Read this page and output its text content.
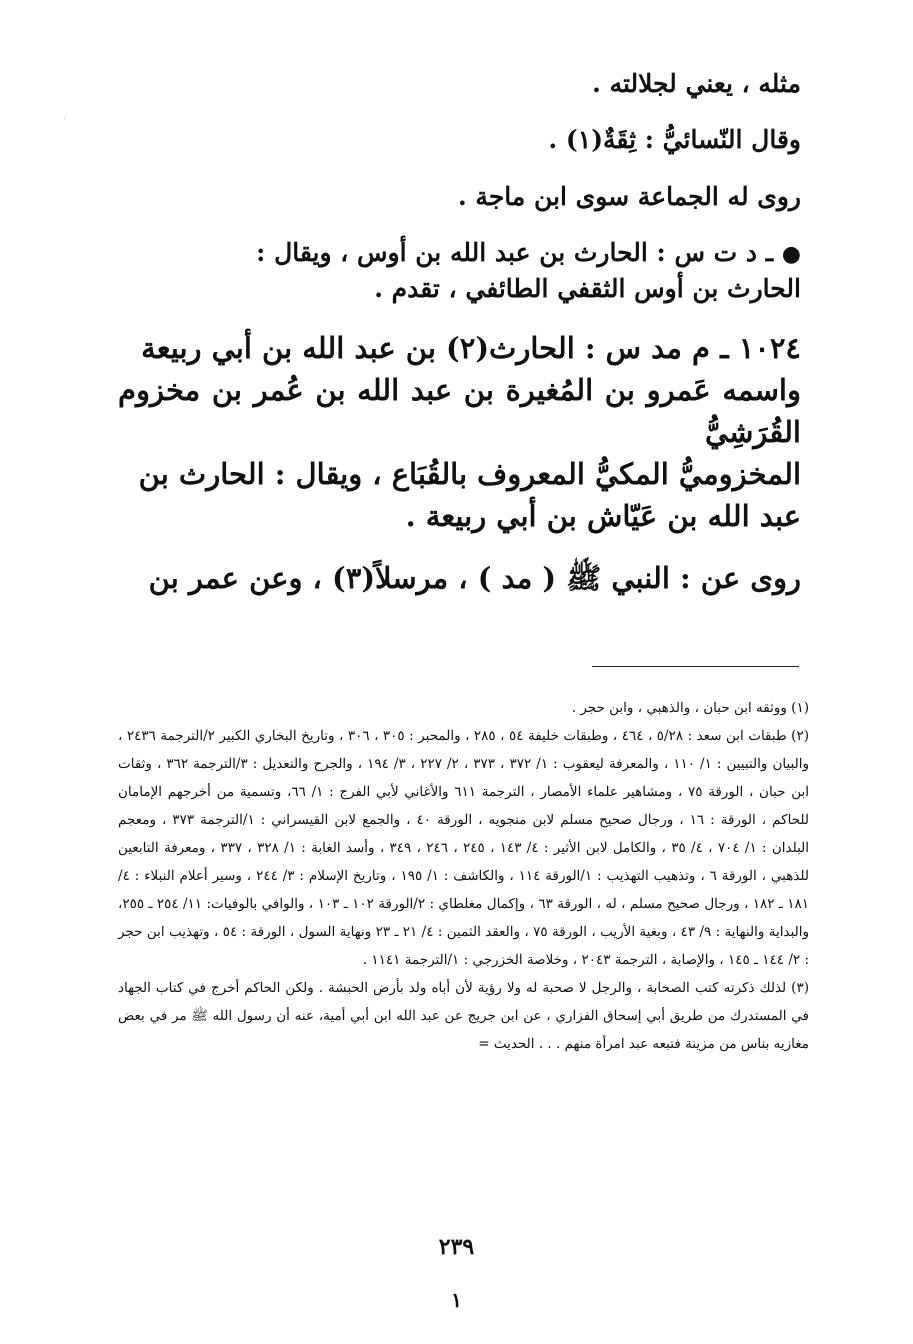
مثله ، يعني لجلالته .

وقال النّسائيُّ : ثِقَةٌ(١) .

روى له الجماعة سوى ابن ماجة .

● ـ د ت س : الحارث بن عبد الله بن أوس ، ويقال :

الحارث بن أوس الثقفي الطائفي ، تقدم .

١٠٢٤ ـ م مد س : الحارث(٢) بن عبد الله بن أبي ربيعة

واسمه عَمرو بن المُغيرة بن عبد الله بن عُمر بن مخزوم القُرَشِيُّ

المخزوميُّ المكيُّ المعروف بالقُبَاع ، ويقال : الحارث بن

عبد الله بن عَيّاش بن أبي ربيعة .

روى عن : النبي ﷺ ( مد ) ، مرسلاً(٣) ، وعن عمر بن

(١) ووثقه ابن حبان ، والذهبي ، وابن حجر .

(٢) طبقات ابن سعد : ٥/٢٨ ، ٤٦٤ ، وطبقات خليفة ٥٤ ، ٢٨٥ ، والمحبر : ٣٠٥ ، ٣٠٦ ، وتاريخ البخاري الكبير ٢/الترجمة ٢٤٣٦ ، والبيان والتبيين : ١/ ١١٠ ، والمعرفة ليعقوب : ١/ ٣٧٢ ، ٣٧٣ ، ٢/ ٢٢٧ ، ٣/ ١٩٤ ، والجرح والتعديل : ٣/الترجمة ٣٦٢ ، وثقات ابن حبان ، الورقة ٧٥ ، ومشاهير علماء الأمصار ، الترجمة ٦١١ والأغاني لأبي الفرج : ١/ ٦٦، وتسمية من أخرجهم الإمامان للحاكم ، الورقة : ١٦ ، ورجال صحيح مسلم لابن منجويه ، الورقة ٤٠ ، والجمع لابن القيسراني : ١/الترجمة ٣٧٣ ، ومعجم البلدان : ١/ ٧٠٤ ، ٤/ ٣٥ ، والكامل لابن الأثير : ٤/ ١٤٣ ، ٢٤٥ ، ٢٤٦ ، ٣٤٩ ، وأسد الغابة : ١/ ٣٢٨ ، ٣٣٧ ، ومعرفة التابعين للذهبي ، الورقة ٦ ، وتذهيب التهذيب : ١/الورقة ١١٤ ، والكاشف : ١/ ١٩٥ ، وتاريخ الإسلام : ٣/ ٢٤٤ ، وسير أعلام النبلاء : ٤/ ١٨١ ـ ١٨٢ ، ورجال صحيح مسلم ، له ، الورقة ٦٣ ، وإكمال مغلطاي : ٢/الورقة ١٠٢ ـ ١٠٣ ، والوافي بالوفيات: ١١/ ٢٥٤ ـ ٢٥٥، والبداية والنهاية : ٩/ ٤٣ ، وبغية الأريب ، الورقة ٧٥ ، والعقد الثمين : ٤/ ٢١ ـ ٢٣ ونهاية السول ، الورقة : ٥٤ ، وتهذيب ابن حجر : ٢/ ١٤٤ ـ ١٤٥ ، والإصابة ، الترجمة ٢٠٤٣ ، وخلاصة الخزرجي : ١/الترجمة ١١٤١ .

(٣) لذلك ذكرته كتب الصحابة ، والرجل لا صحبة له ولا رؤية لأن أباه ولد بأرض الحبشة . ولكن الحاكم أخرج في كتاب الجهاد في المستدرك من طريق أبي إسحاق الفزاري ، عن ابن جريج عن عبد الله ابن أبي أمية، عنه أن رسول الله ﷺ مر في بعض مغازيه بناس من مزينة فتبعه عبد امرأة منهم . . . الحديث =

٢٣٩
١
